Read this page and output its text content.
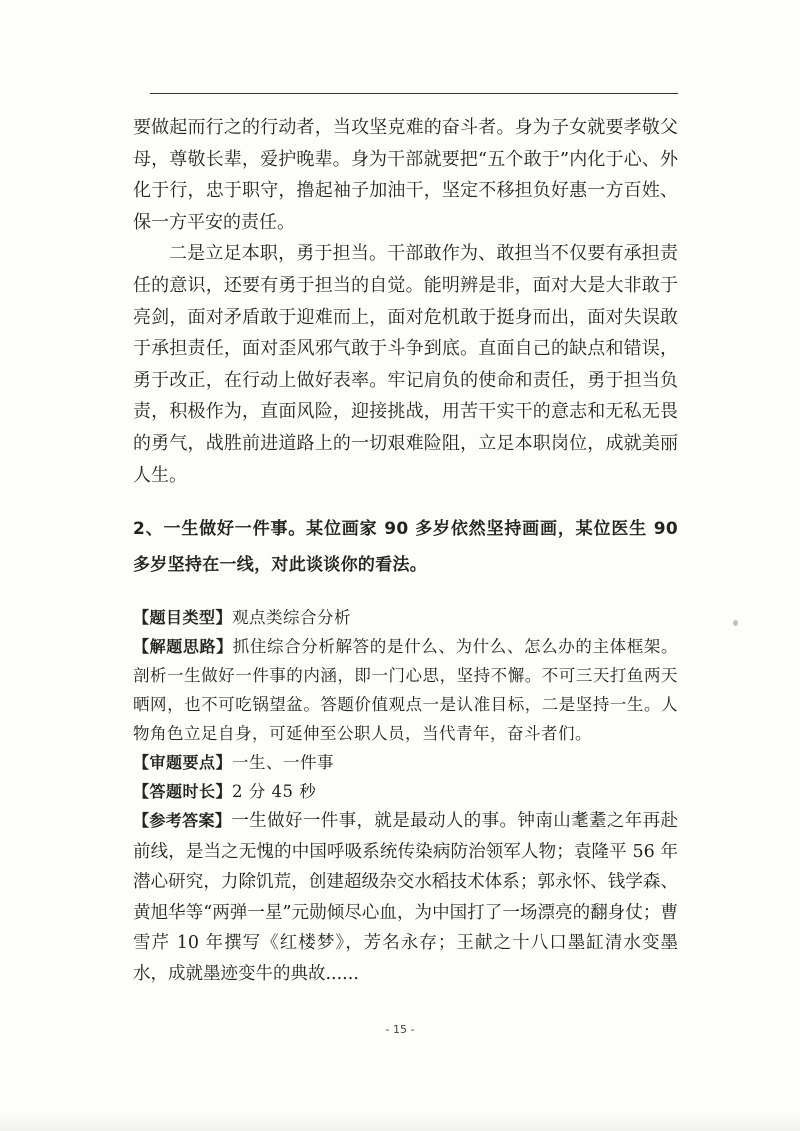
要做起而行之的行动者，当攻坚克难的奋斗者。身为子女就要孝敬父母，尊敬长辈，爱护晚辈。身为干部就要把“五个敢于”内化于心、外化于行，忠于职守，撸起袖子加油干，坚定不移担负好惠一方百姓、保一方平安的责任。

二是立足本职，勇于担当。干部敢作为、敢担当不仅要有承担责任的意识，还要有勇于担当的自觉。能明辨是非，面对大是大非敢于亮剑，面对矛盾敢于迎难而上，面对危机敢于挺身而出，面对失误敢于承担责任，面对歪风邪气敢于斗争到底。直面自己的缺点和错误，勇于改正，在行动上做好表率。牢记肩负的使命和责任，勇于担当负责，积极作为，直面风险，迎接挑战，用苦干实干的意志和无私无畏的勇气，战胜前进道路上的一切艰难险阻，立足本职岗位，成就美丽人生。

2、一生做好一件事。某位画家 90 多岁依然坚持画画，某位医生 90 多岁坚持在一线，对此谈谈你的看法。

【题目类型】观点类综合分析

【解题思路】抓住综合分析解答的是什么、为什么、怎么办的主体框架。剖析一生做好一件事的内涵，即一门心思，坚持不懈。不可三天打鱼两天晒网，也不可吃锅望盆。答题价值观点一是认准目标，二是坚持一生。人物角色立足自身，可延伸至公职人员，当代青年，奋斗者们。

【审题要点】一生、一件事

【答题时长】2 分 45 秒

【参考答案】一生做好一件事，就是最动人的事。钟南山耄耋之年再赴前线，是当之无愧的中国呼吸系统传染病防治领军人物；袁隆平 56 年潜心研究，力除饥荒，创建超级杂交水稻技术体系；郭永怀、钱学森、黄旭华等“两弹一星”元勋倾尽心血，为中国打了一场漂亮的翻身仗；曹雪芹 10 年撰写《红楼梦》，芳名永存；王献之十八口墨缸清水变墨水，成就墨迹变牛的典故......

- 15 -
